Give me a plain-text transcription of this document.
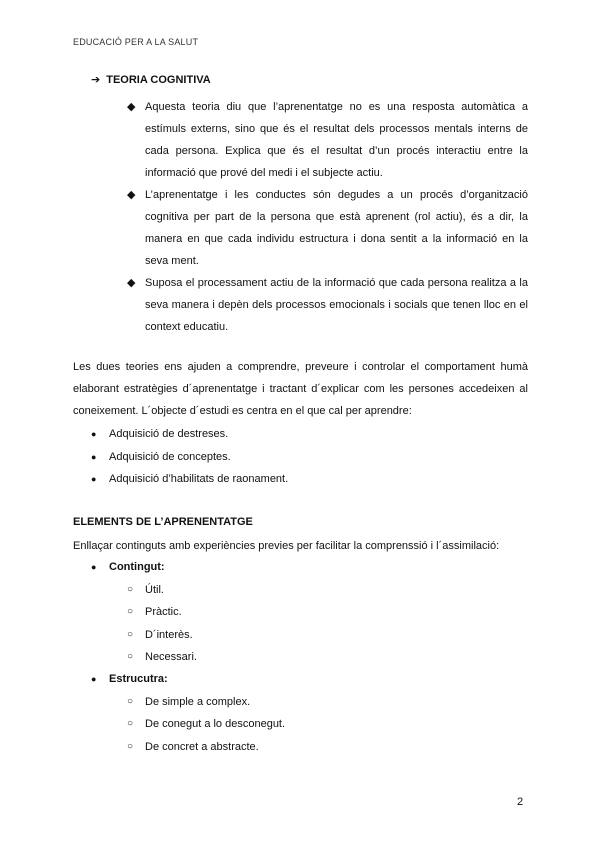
EDUCACIÓ PER A LA SALUT
➔ TEORIA COGNITIVA
◆ Aquesta teoria diu que l’aprenentatge no es una resposta automàtica a estímuls externs, sino que és el resultat dels processos mentals interns de cada persona. Explica que és el resultat d’un procés interactiu entre la informació que prové del medi i el subjecte actiu.
◆ L’aprenentatge i les conductes són degudes a un procés d’organització cognitiva per part de la persona que està aprenent (rol actiu), és a dir, la manera en que cada individu estructura i dona sentit a la informació en la seva ment.
◆ Suposa el processament actiu de la informació que cada persona realitza a la seva manera i depèn dels processos emocionals i socials que tenen lloc en el context educatiu.

Les dues teories ens ajuden a comprendre, preveure i controlar el comportament humà elaborant estratègies d´aprenentatge i tractant d´explicar com les persones accedeixen al coneixement. L´objecte d´estudi es centra en el que cal per aprendre:

● Adquisició de destreses.
● Adquisició de conceptes.
● Adquisició d’habilitats de raonament.
ELEMENTS DE L’APRENENTATGE

Enllaçar continguts amb experiències previes per facilitar la comprenssió i l´assimilació:

● Contingut:
○ Útil.
○ Pràctic.
○ D´interès.
○ Necessari.
● Estrucutra:
○ De simple a complex.
○ De conegut a lo desconegut.
○ De concret a abstracte.
2
